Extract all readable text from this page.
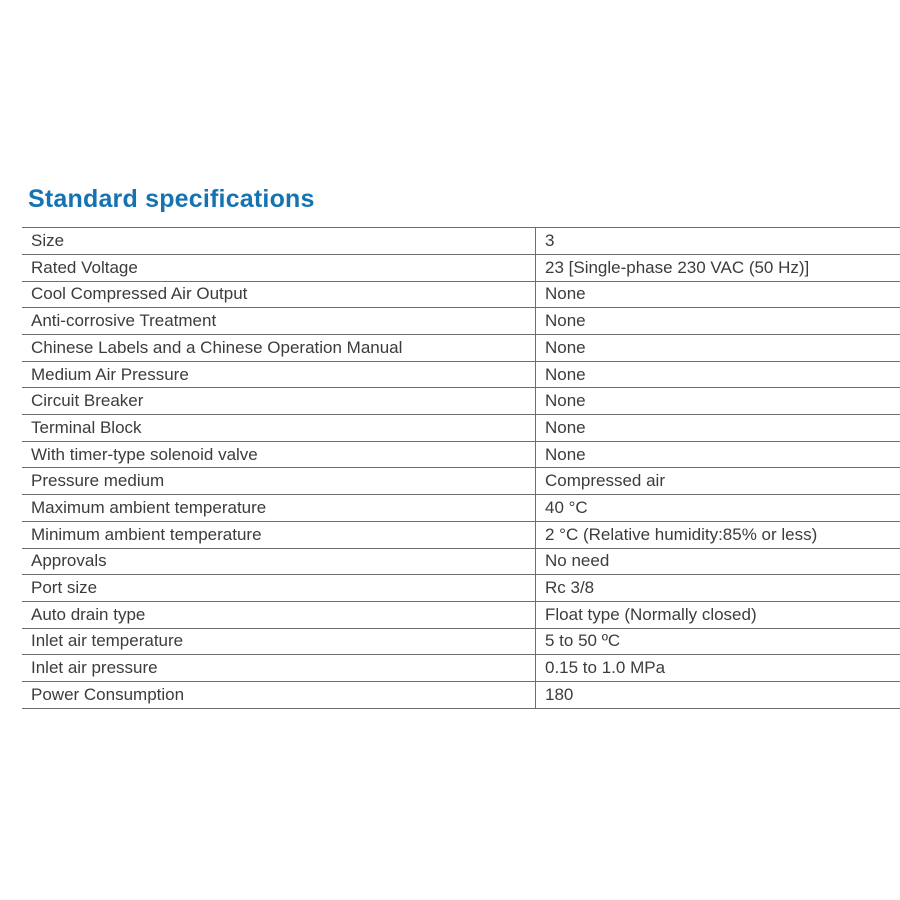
Standard specifications
Size	3
Rated Voltage	23 [Single-phase 230 VAC (50 Hz)]
Cool Compressed Air Output	None
Anti-corrosive Treatment	None
Chinese Labels and a Chinese Operation Manual	None
Medium Air Pressure	None
Circuit Breaker	None
Terminal Block	None
With timer-type solenoid valve	None
Pressure medium	Compressed air
Maximum ambient temperature	40 °C
Minimum ambient temperature	2 °C (Relative humidity:85% or less)
Approvals	No need
Port size	Rc 3/8
Auto drain type	Float type (Normally closed)
Inlet air temperature	5 to 50 ºC
Inlet air pressure	0.15 to 1.0 MPa
Power Consumption	180
